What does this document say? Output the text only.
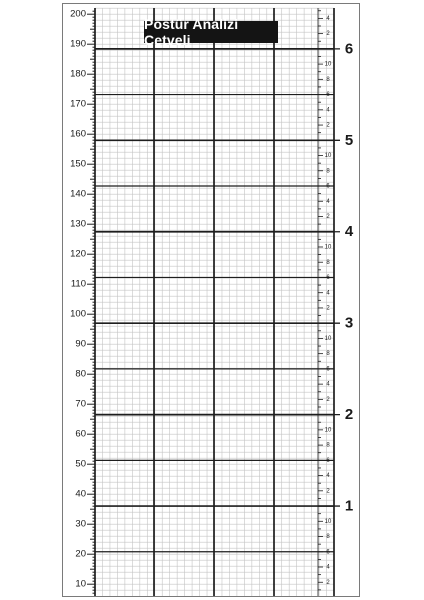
10
20
30
40
50
60
70
80
90
100
110
120
130
140
150
160
170
180
190
200
2
4
6
8
10
2
4
6
8
10
2
4
6
8
10
2
4
6
8
10
2
4
6
8
10
2
4
6
8
10
2
4
1
2
3
4
5
6
Postür Analizi Cetveli
